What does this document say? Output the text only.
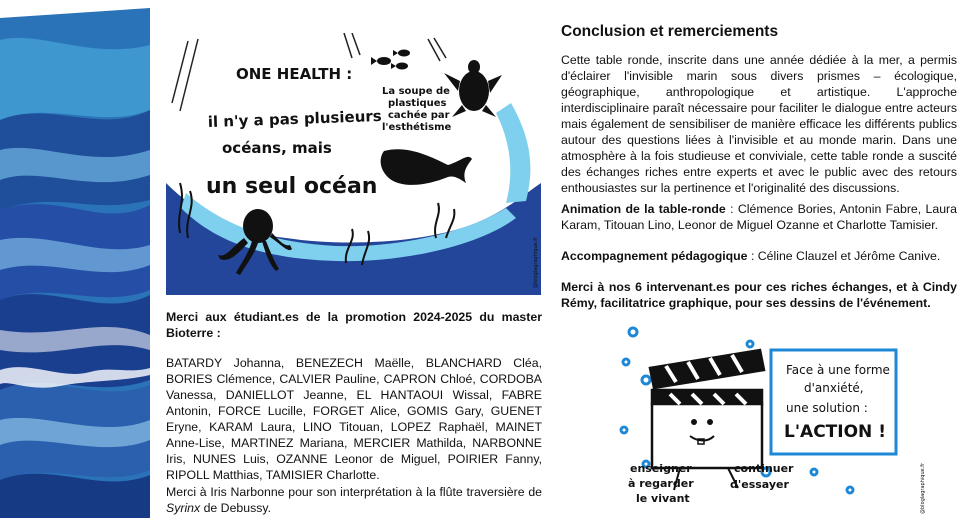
ONE HEALTH :
il n'y a pas plusieurs
océans, mais
un seul océan
La soupe de
plastiques
cachée par
l'esthétisme
@bloglagraphique.fr
Merci aux étudiant.es de la promotion 2024-2025 du master Bioterre :
BATARDY Johanna, BENEZECH Maëlle, BLANCHARD Cléa, BORIES Clémence, CALVIER Pauline, CAPRON Chloé, CORDOBA Vanessa, DANIELLOT Jeanne, EL HANTAOUI Wissal, FABRE Antonin, FORCE Lucille, FORGET Alice, GOMIS Gary, GUENET Eryne, KARAM Laura, LINO Titouan, LOPEZ Raphaël, MAINET Anne-Lise, MARTINEZ Mariana, MERCIER Mathilda, NARBONNE Iris, NUNES Luis, OZANNE Leonor de Miguel, POIRIER Fanny, RIPOLL Matthias, TAMISIER Charlotte.
Merci à Iris Narbonne pour son interprétation à la flûte traversière de Syrinx de Debussy.
Conclusion et remerciements
Cette table ronde, inscrite dans une année dédiée à la mer, a permis d'éclairer l'invisible marin sous divers prismes – écologique, géographique, anthropologique et artistique. L'approche interdisciplinaire paraît nécessaire pour faciliter le dialogue entre acteurs mais également de sensibiliser de manière efficace les différents publics autour des questions liées à l'invisible et au monde marin. Dans une atmosphère à la fois studieuse et conviviale, cette table ronde a suscité des échanges riches entre experts et avec le public avec des retours enthousiastes sur la pertinence et l'originalité des discussions.
Animation de la table-ronde : Clémence Bories, Antonin Fabre, Laura Karam, Titouan Lino, Leonor de Miguel Ozanne et Charlotte Tamisier.
Accompagnement pédagogique : Céline Clauzel et Jérôme Canive.
Merci à nos 6 intervenant.es pour ces riches échanges, et à Cindy Rémy, facilitatrice graphique, pour ses dessins de l'événement.
Face à une forme
d'anxiété,
une solution :
L'ACTION !
enseigner
à regarder
le vivant
continuer
d'essayer	@bloglagraphique.fr
